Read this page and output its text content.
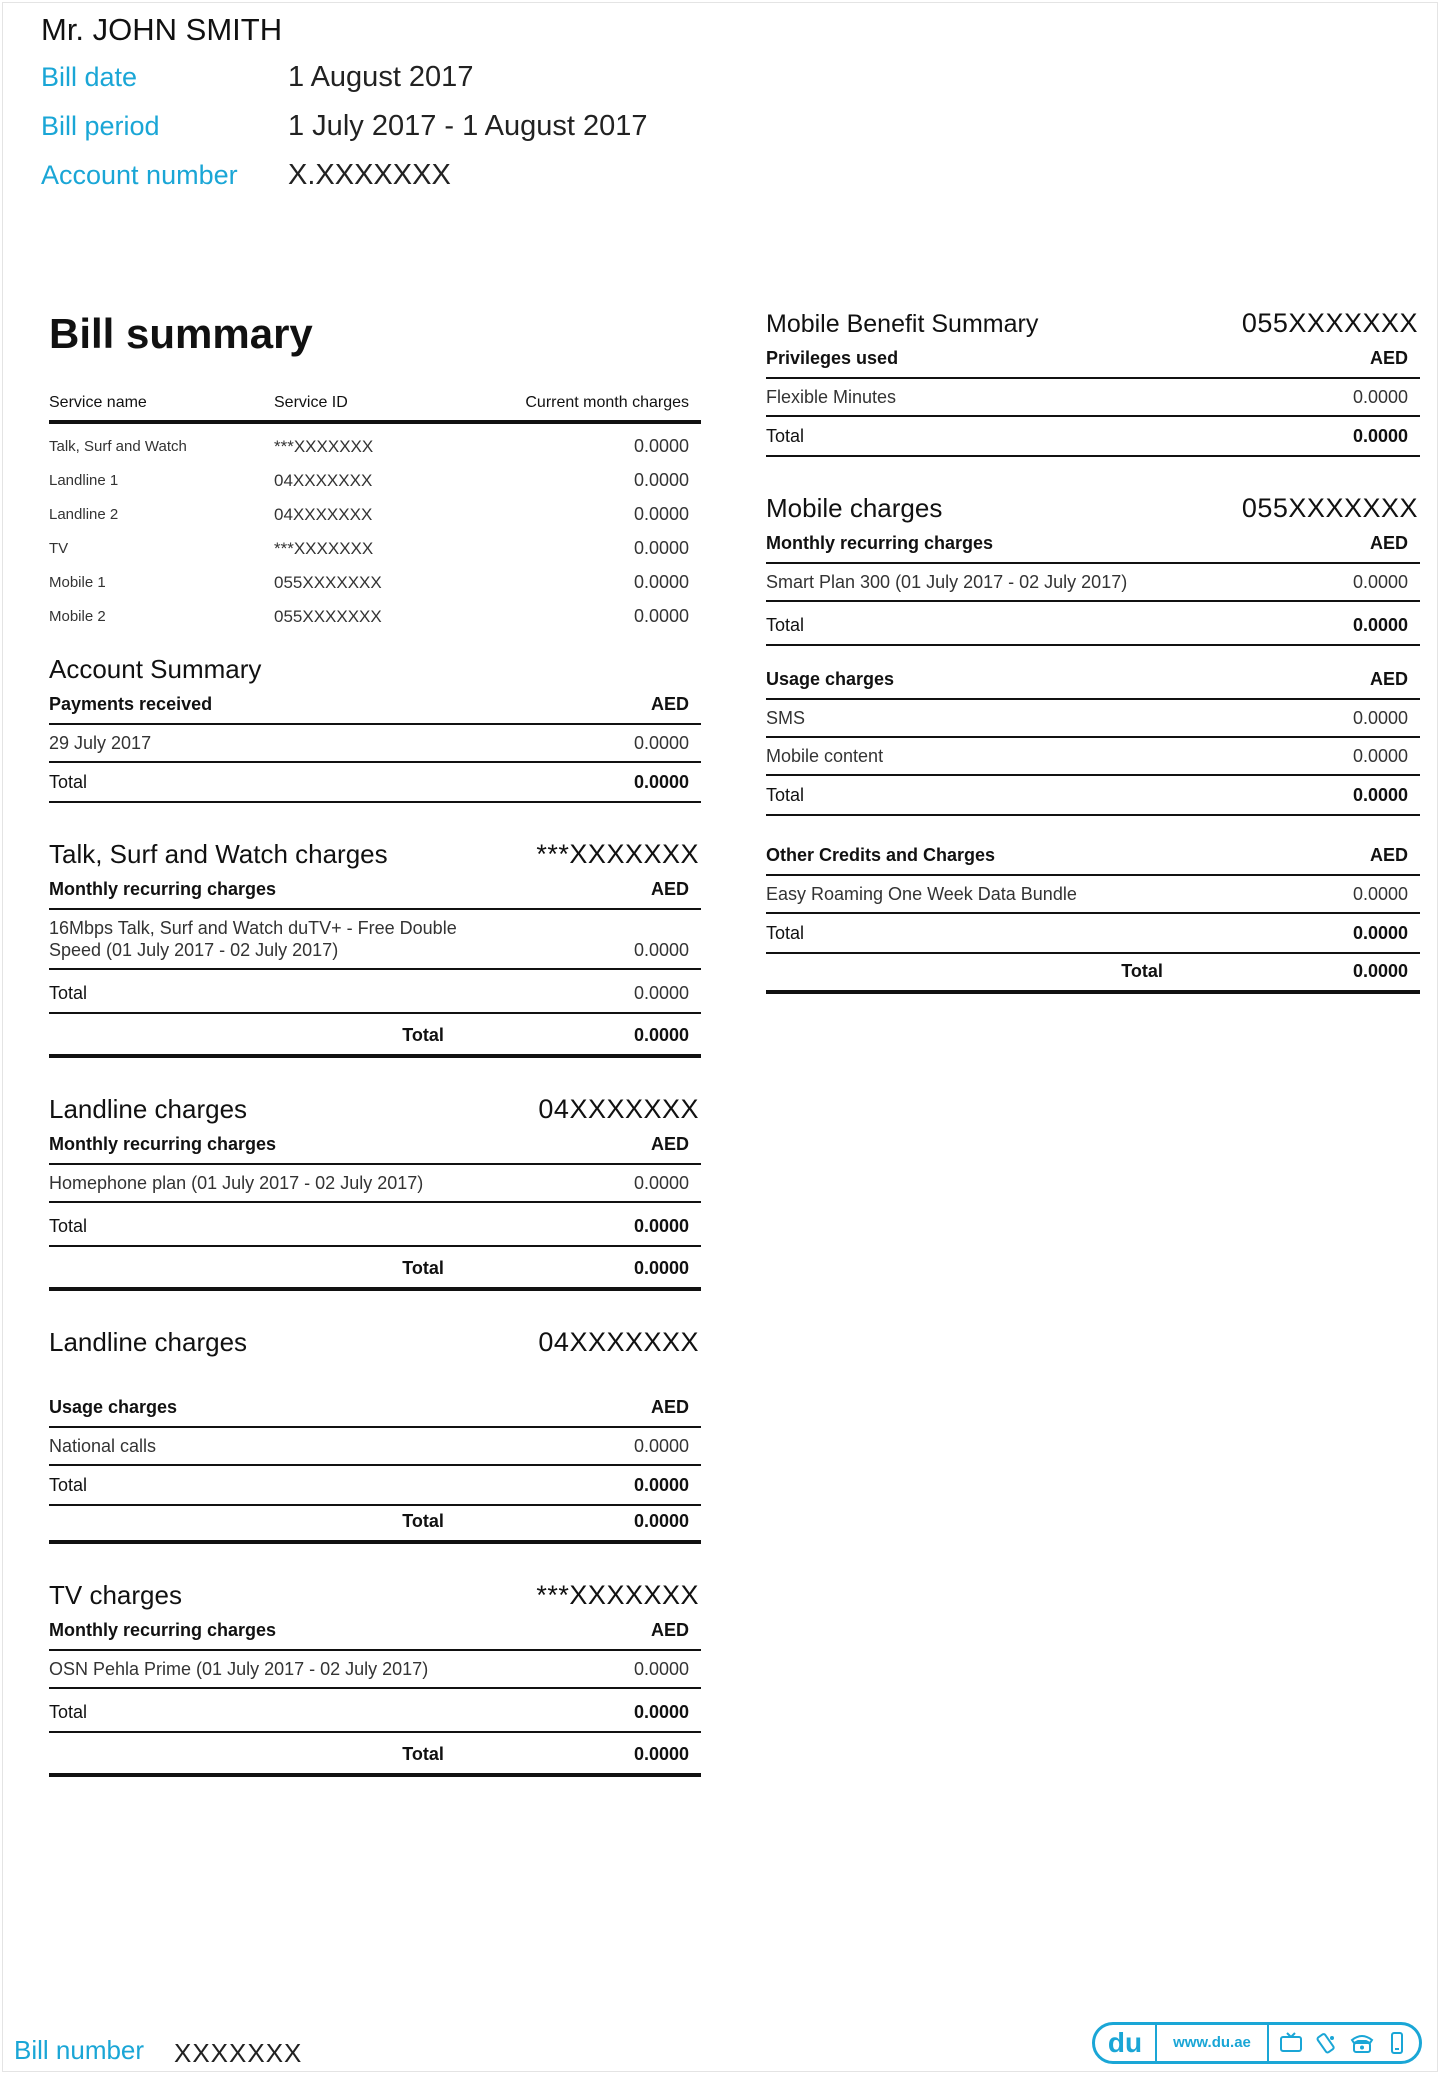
Mr. JOHN SMITH
Bill date	1 August 2017
Bill period	1 July 2017 - 1 August 2017
Account number X.XXXXXXX
Bill summary
Service name	Service ID	Current month charges
Talk, Surf and Watch	***XXXXXXX	0.0000
Landline 1	04XXXXXXX	0.0000
Landline 2	04XXXXXXX	0.0000
TV	***XXXXXXX	0.0000
Mobile 1	055XXXXXXX	0.0000
Mobile 2	055XXXXXXX	0.0000
Account Summary
Payments received	AED
29 July 2017	0.0000
Total	0.0000
Talk, Surf and Watch charges	***XXXXXXX
Monthly recurring charges	AED
16Mbps Talk, Surf and Watch duTV+ - Free Double Speed (01 July 2017 - 02 July 2017)	0.0000
Total	0.0000
Total	0.0000
Landline charges	04XXXXXXX
Monthly recurring charges	AED
Homephone plan (01 July 2017 - 02 July 2017)	0.0000
Total	0.0000
Total	0.0000
Landline charges	04XXXXXXX
Usage charges	AED
National calls	0.0000
Total	0.0000
Total	0.0000
TV charges	***XXXXXXX
Monthly recurring charges	AED
OSN Pehla Prime (01 July 2017 - 02 July 2017)	0.0000
Total	0.0000
Total	0.0000
Mobile Benefit Summary	055XXXXXXX
Privileges used	AED
Flexible Minutes	0.0000
Total	0.0000
Mobile charges	055XXXXXXX
Monthly recurring charges	AED
Smart Plan 300 (01 July 2017 - 02 July 2017)	0.0000
Total	0.0000
Usage charges	AED
SMS	0.0000
Mobile content	0.0000
Total	0.0000
Other Credits and Charges	AED
Easy Roaming One Week Data Bundle	0.0000
Total	0.0000
Total	0.0000
Bill number XXXXXXX	du	www.du.ae
